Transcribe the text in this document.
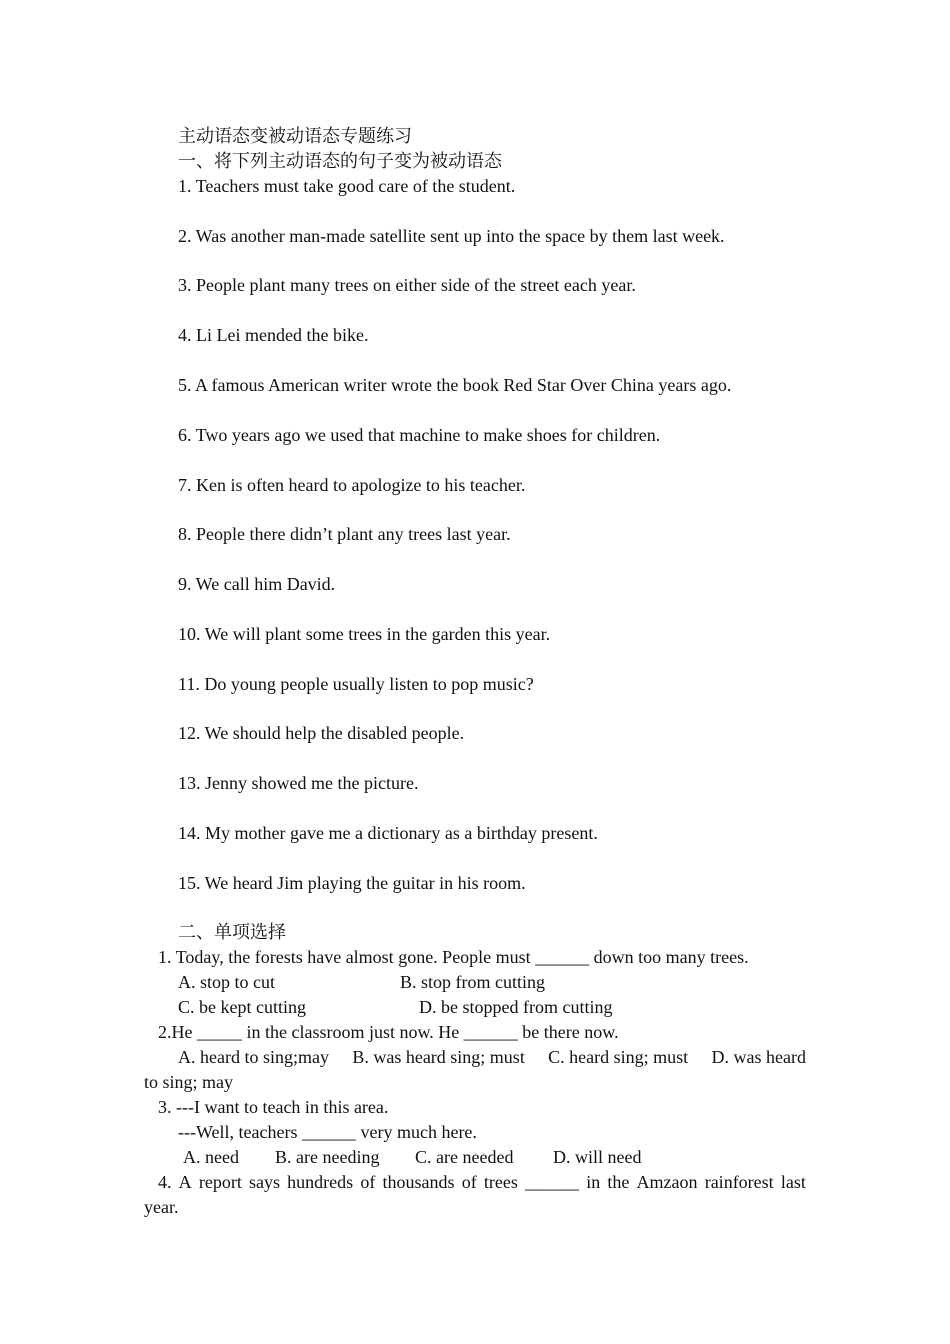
主动语态变被动语态专题练习
一、将下列主动语态的句子变为被动语态
1. Teachers must take good care of the student.
2. Was another man-made satellite sent up into the space by them last week.
3. People plant many trees on either side of the street each year.
4. Li Lei mended the bike.
5. A famous American writer wrote the book Red Star Over China years ago.
6. Two years ago we used that machine to make shoes for children.
7. Ken is often heard to apologize to his teacher.
8. People there didn’t plant any trees last year.
9. We call him David.
10. We will plant some trees in the garden this year.
11. Do young people usually listen to pop music?
12. We should help the disabled people.
13. Jenny showed me the picture.
14. My mother gave me a dictionary as a birthday present.
15. We heard Jim playing the guitar in his room.
二、单项选择
1. Today, the forests have almost gone. People must ______ down too many trees.
A. stop to cut	B. stop from cutting
C. be kept cutting	D. be stopped from cutting
2.He _____ in the classroom just now. He ______ be there now.
A. heard to sing;may B. was heard sing; must C. heard sing; must D. was heard
to sing; may
3. ---I want to teach in this area.
---Well, teachers ______ very much here.
A. need B. are needing C. are needed D. will need
4. A report says hundreds of thousands of trees ______ in the Amzaon rainforest last
year.
